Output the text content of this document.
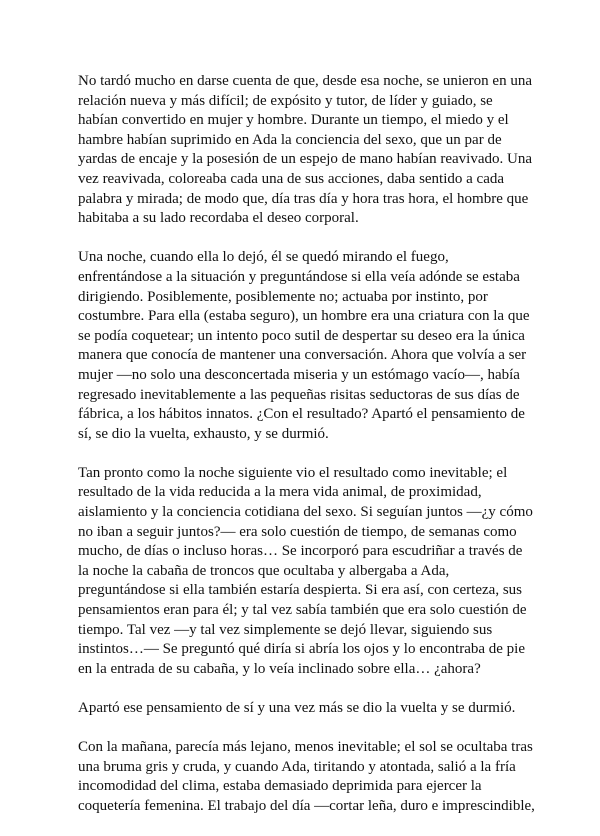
No tardó mucho en darse cuenta de que, desde esa noche, se unieron en una
relación nueva y más difícil; de expósito y tutor, de líder y guiado, se
habían convertido en mujer y hombre. Durante un tiempo, el miedo y el
hambre habían suprimido en Ada la conciencia del sexo, que un par de
yardas de encaje y la posesión de un espejo de mano habían reavivado. Una
vez reavivada, coloreaba cada una de sus acciones, daba sentido a cada
palabra y mirada; de modo que, día tras día y hora tras hora, el hombre que
habitaba a su lado recordaba el deseo corporal.

Una noche, cuando ella lo dejó, él se quedó mirando el fuego,
enfrentándose a la situación y preguntándose si ella veía adónde se estaba
dirigiendo. Posiblemente, posiblemente no; actuaba por instinto, por
costumbre. Para ella (estaba seguro), un hombre era una criatura con la que
se podía coquetear; un intento poco sutil de despertar su deseo era la única
manera que conocía de mantener una conversación. Ahora que volvía a ser
mujer —no solo una desconcertada miseria y un estómago vacío—, había
regresado inevitablemente a las pequeñas risitas seductoras de sus días de
fábrica, a los hábitos innatos. ¿Con el resultado? Apartó el pensamiento de
sí, se dio la vuelta, exhausto, y se durmió.

Tan pronto como la noche siguiente vio el resultado como inevitable; el
resultado de la vida reducida a la mera vida animal, de proximidad,
aislamiento y la conciencia cotidiana del sexo. Si seguían juntos —¿y cómo
no iban a seguir juntos?— era solo cuestión de tiempo, de semanas como
mucho, de días o incluso horas… Se incorporó para escudriñar a través de
la noche la cabaña de troncos que ocultaba y albergaba a Ada,
preguntándose si ella también estaría despierta. Si era así, con certeza, sus
pensamientos eran para él; y tal vez sabía también que era solo cuestión de
tiempo. Tal vez —y tal vez simplemente se dejó llevar, siguiendo sus
instintos…— Se preguntó qué diría si abría los ojos y lo encontraba de pie
en la entrada de su cabaña, y lo veía inclinado sobre ella… ¿ahora?

Apartó ese pensamiento de sí y una vez más se dio la vuelta y se durmió.

Con la mañana, parecía más lejano, menos inevitable; el sol se ocultaba tras
una bruma gris y cruda, y cuando Ada, tiritando y atontada, salió a la fría
incomodidad del clima, estaba demasiado deprimida para ejercer la
coquetería femenina. El trabajo del día —cortar leña, duro e imprescindible,
